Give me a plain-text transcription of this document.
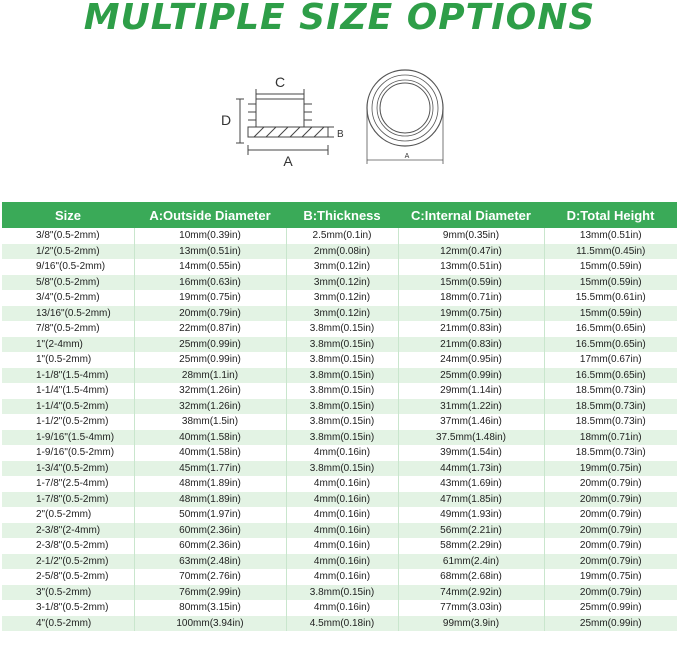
MULTIPLE SIZE OPTIONS
C
D
B
A	A
Size	A:Outside Diameter	B:Thickness	C:Internal Diameter	D:Total Height
3/8"(0.5-2mm)	10mm(0.39in)	2.5mm(0.1in)	9mm(0.35in)	13mm(0.51in)
1/2"(0.5-2mm)	13mm(0.51in)	2mm(0.08in)	12mm(0.47in)	11.5mm(0.45in)
9/16"(0.5-2mm)	14mm(0.55in)	3mm(0.12in)	13mm(0.51in)	15mm(0.59in)
5/8"(0.5-2mm)	16mm(0.63in)	3mm(0.12in)	15mm(0.59in)	15mm(0.59in)
3/4"(0.5-2mm)	19mm(0.75in)	3mm(0.12in)	18mm(0.71in)	15.5mm(0.61in)
13/16"(0.5-2mm)	20mm(0.79in)	3mm(0.12in)	19mm(0.75in)	15mm(0.59in)
7/8"(0.5-2mm)	22mm(0.87in)	3.8mm(0.15in)	21mm(0.83in)	16.5mm(0.65in)
1"(2-4mm)	25mm(0.99in)	3.8mm(0.15in)	21mm(0.83in)	16.5mm(0.65in)
1"(0.5-2mm)	25mm(0.99in)	3.8mm(0.15in)	24mm(0.95in)	17mm(0.67in)
1-1/8"(1.5-4mm)	28mm(1.1in)	3.8mm(0.15in)	25mm(0.99in)	16.5mm(0.65in)
1-1/4"(1.5-4mm)	32mm(1.26in)	3.8mm(0.15in)	29mm(1.14in)	18.5mm(0.73in)
1-1/4"(0.5-2mm)	32mm(1.26in)	3.8mm(0.15in)	31mm(1.22in)	18.5mm(0.73in)
1-1/2"(0.5-2mm)	38mm(1.5in)	3.8mm(0.15in)	37mm(1.46in)	18.5mm(0.73in)
1-9/16"(1.5-4mm)	40mm(1.58in)	3.8mm(0.15in)	37.5mm(1.48in)	18mm(0.71in)
1-9/16"(0.5-2mm)	40mm(1.58in)	4mm(0.16in)	39mm(1.54in)	18.5mm(0.73in)
1-3/4"(0.5-2mm)	45mm(1.77in)	3.8mm(0.15in)	44mm(1.73in)	19mm(0.75in)
1-7/8"(2.5-4mm)	48mm(1.89in)	4mm(0.16in)	43mm(1.69in)	20mm(0.79in)
1-7/8"(0.5-2mm)	48mm(1.89in)	4mm(0.16in)	47mm(1.85in)	20mm(0.79in)
2"(0.5-2mm)	50mm(1.97in)	4mm(0.16in)	49mm(1.93in)	20mm(0.79in)
2-3/8"(2-4mm)	60mm(2.36in)	4mm(0.16in)	56mm(2.21in)	20mm(0.79in)
2-3/8"(0.5-2mm)	60mm(2.36in)	4mm(0.16in)	58mm(2.29in)	20mm(0.79in)
2-1/2"(0.5-2mm)	63mm(2.48in)	4mm(0.16in)	61mm(2.4in)	20mm(0.79in)
2-5/8"(0.5-2mm)	70mm(2.76in)	4mm(0.16in)	68mm(2.68in)	19mm(0.75in)
3"(0.5-2mm)	76mm(2.99in)	3.8mm(0.15in)	74mm(2.92in)	20mm(0.79in)
3-1/8"(0.5-2mm)	80mm(3.15in)	4mm(0.16in)	77mm(3.03in)	25mm(0.99in)
4"(0.5-2mm)	100mm(3.94in)	4.5mm(0.18in)	99mm(3.9in)	25mm(0.99in)
